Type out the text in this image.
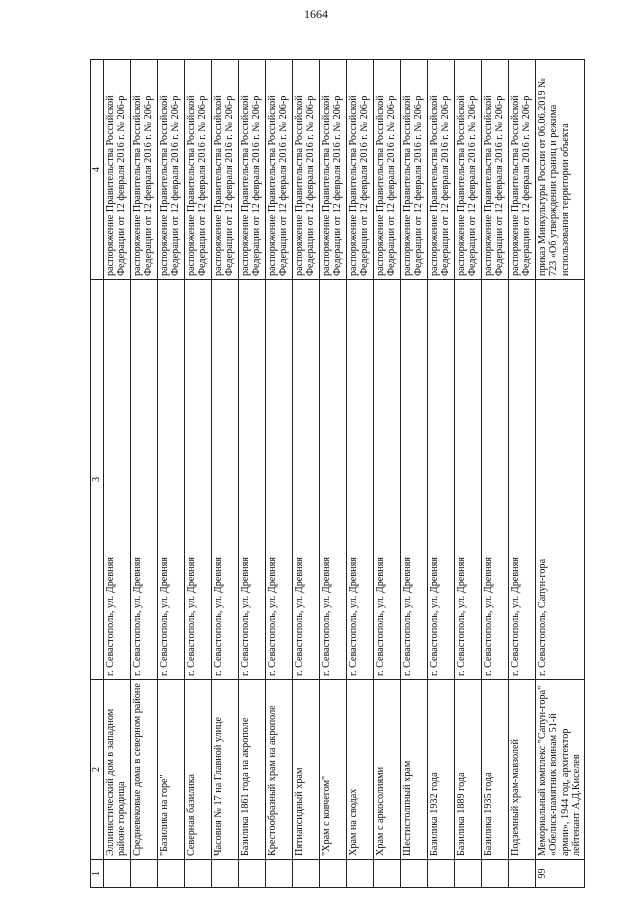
1664
1	2	3	4
	Эллинистический дом в западном районе городища	г. Севастополь, ул. Древняя	распоряжение Правительства Российской Федерации от 12 февраля 2016 г. № 206-р
	Средневековые дома в северном районе	г. Севастополь, ул. Древняя	распоряжение Правительства Российской Федерации от 12 февраля 2016 г. № 206-р
	"Базилика на горе"	г. Севастополь, ул. Древняя	распоряжение Правительства Российской Федерации от 12 февраля 2016 г. № 206-р
	Северная базилика	г. Севастополь, ул. Древняя	распоряжение Правительства Российской Федерации от 12 февраля 2016 г. № 206-р
	Часовня № 17 на Главной улице	г. Севастополь, ул. Древняя	распоряжение Правительства Российской Федерации от 12 февраля 2016 г. № 206-р
	Базилика 1861 года на акрополе	г. Севастополь, ул. Древняя	распоряжение Правительства Российской Федерации от 12 февраля 2016 г. № 206-р
	Крестообразный храм на акрополе	г. Севастополь, ул. Древняя	распоряжение Правительства Российской Федерации от 12 февраля 2016 г. № 206-р
	Пятиапсидный храм	г. Севастополь, ул. Древняя	распоряжение Правительства Российской Федерации от 12 февраля 2016 г. № 206-р
	"Храм с ковчегом"	г. Севастополь, ул. Древняя	распоряжение Правительства Российской Федерации от 12 февраля 2016 г. № 206-р
	Храм на сводах	г. Севастополь, ул. Древняя	распоряжение Правительства Российской Федерации от 12 февраля 2016 г. № 206-р
	Храм с аркосолиями	г. Севастополь, ул. Древняя	распоряжение Правительства Российской Федерации от 12 февраля 2016 г. № 206-р
	Шестистолпный храм	г. Севастополь, ул. Древняя	распоряжение Правительства Российской Федерации от 12 февраля 2016 г. № 206-р
	Базилика 1932 года	г. Севастополь, ул. Древняя	распоряжение Правительства Российской Федерации от 12 февраля 2016 г. № 206-р
	Базилика 1889 года	г. Севастополь, ул. Древняя	распоряжение Правительства Российской Федерации от 12 февраля 2016 г. № 206-р
	Базилика 1935 года	г. Севастополь, ул. Древняя	распоряжение Правительства Российской Федерации от 12 февраля 2016 г. № 206-р
	Подземный храм-мавзолей	г. Севастополь, ул. Древняя	распоряжение Правительства Российской Федерации от 12 февраля 2016 г. № 206-р
99	Мемориальный комплекс "Сапун-гора" «Обелиск-памятник воинам 51-й армии», 1944 год, архитектор лейтенант А.Д.Киселев	г. Севастополь, Сапун-гора	приказ Минкультуры России от 06.06.2019 № 723 «Об утверждении границ и режима использования территории объекта
